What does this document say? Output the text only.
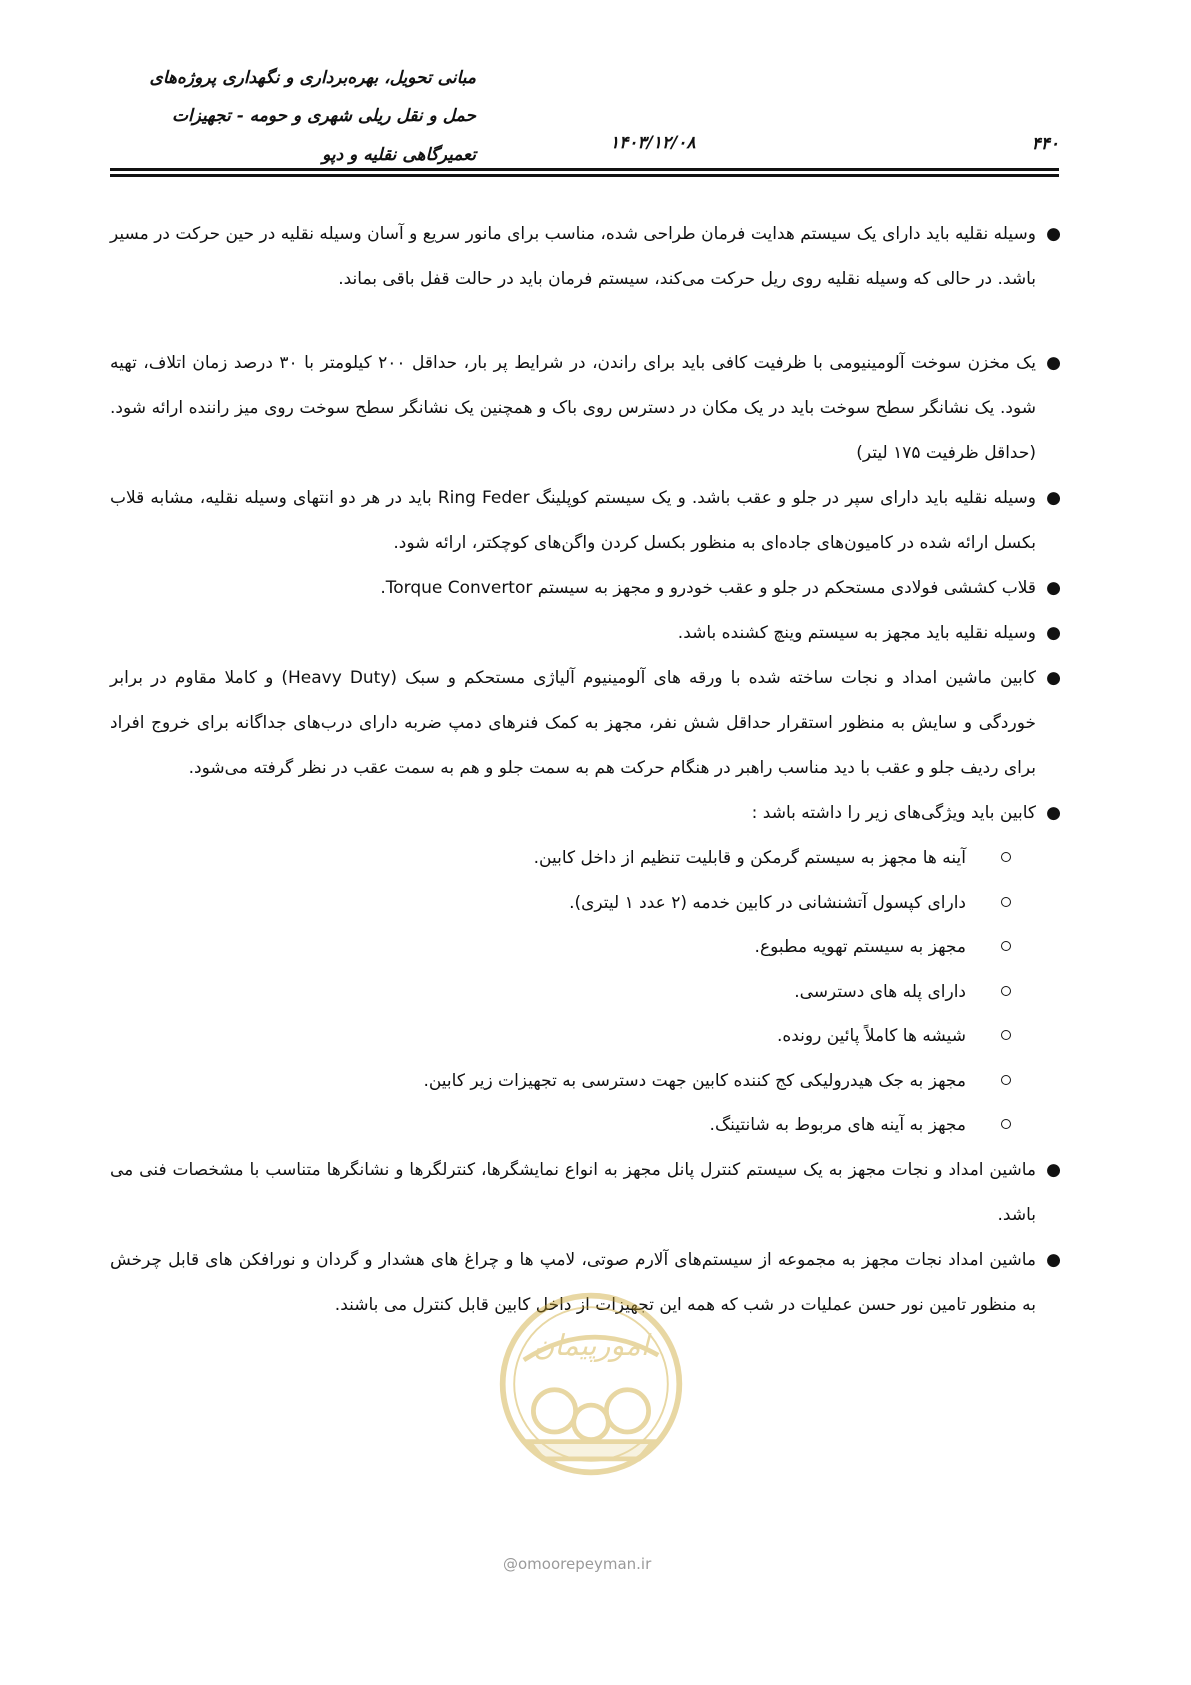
مبانی تحویل، بهره‌برداری و نگهداری پروژه‌های
حمل و نقل ریلی شهری و حومه - تجهیزات
تعمیرگاهی نقلیه و دپو
۱۴۰۳/۱۲/۰۸	۴۴۰
●
وسیله نقلیه باید دارای یک سیستم هدایت فرمان طراحی شده، مناسب برای مانور سریع و آسان وسیله نقلیه در حین حرکت در مسیر باشد. در حالی که وسیله نقلیه روی ریل حرکت می‌کند، سیستم فرمان باید در حالت قفل باقی بماند.
●
یک مخزن سوخت آلومینیومی با ظرفیت کافی باید برای راندن، در شرایط پر بار، حداقل ۲۰۰ کیلومتر با ۳۰ درصد زمان اتلاف، تهیه شود. یک نشانگر سطح سوخت باید در یک مکان در دسترس روی باک و همچنین یک نشانگر سطح سوخت روی میز راننده ارائه شود. (حداقل ظرفیت ۱۷۵ لیتر)
●
وسیله نقلیه باید دارای سپر در جلو و عقب باشد. و یک سیستم کوپلینگ Ring Feder باید در هر دو انتهای وسیله نقلیه، مشابه قلاب بکسل ارائه شده در کامیون‌های جاده‌ای به منظور بکسل کردن واگن‌های کوچکتر، ارائه شود.
●
قلاب کششی فولادی مستحکم در جلو و عقب خودرو و مجهز به سیستم Torque Convertor.
●
وسیله نقلیه باید مجهز به سیستم وینچ کشنده باشد.
●
کابین ماشین امداد و نجات ساخته شده با ورقه های آلومینیوم آلیاژی مستحکم و سبک (Heavy Duty) و کاملا مقاوم در برابر خوردگی و سایش به منظور استقرار حداقل شش نفر، مجهز به کمک فنرهای دمپ ضربه دارای درب‌های جداگانه برای خروج افراد برای ردیف جلو و عقب با دید مناسب راهبر در هنگام حرکت هم به سمت جلو و هم به سمت عقب در نظر گرفته می‌شود.
●
کابین باید ویژگی‌های زیر را داشته باشد :
آینه ها مجهز به سیستم گرمکن و قابلیت تنظیم از داخل کابین.
دارای کپسول آتشنشانی در کابین خدمه (۲ عدد ۱ لیتری).
مجهز به سیستم تهویه مطبوع.
دارای پله های دسترسی.
شیشه ها کاملاً پائین رونده.
مجهز به جک هیدرولیکی کج کننده کابین جهت دسترسی به تجهیزات زیر کابین.
مجهز به آینه های مربوط به شانتینگ.
●
ماشین امداد و نجات مجهز به یک سیستم کنترل پانل مجهز به انواع نمایشگرها، کنترلگرها و نشانگرها متناسب با مشخصات فنی می باشد.
●
ماشین امداد نجات مجهز به مجموعه از سیستم‌های آلارم صوتی، لامپ ها و چراغ های هشدار و گردان و نورافکن های قابل چرخش به منظور تامین نور حسن عملیات در شب که همه این تجهیزات از داخل کابین قابل کنترل می باشند.
امورپیمان
@omoorepeyman.ir
